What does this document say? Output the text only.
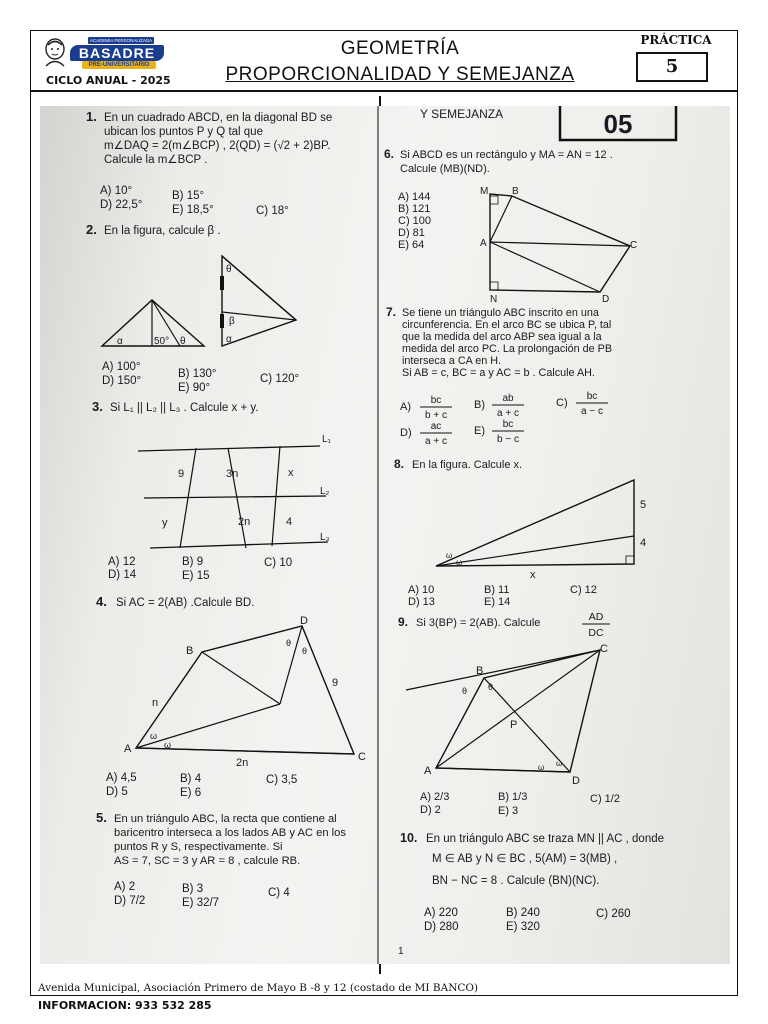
ACADEMIA PERSONALIZADA
BASADRE
PRE-UNIVERSITARIO
CICLO ANUAL - 2025
GEOMETRÍA
PROPORCIONALIDAD Y SEMEJANZA
PRÁCTICA
5
Y SEMEJANZA	05
1. En un cuadrado ABCD, en la diagonal BD se
ubican los puntos P y Q tal que
m∠DAQ = 2(m∠BCP) , 2(QD) = (√2 + 2)BP.
Calcule la m∠BCP .
A) 10°	B) 15°
C) 18°
D) 22,5°	E) 18,5°
2. En la figura, calcule β .
α	50° θ
θ
β
α
A) 100°
B) 130°	C) 120°
D) 150°
E) 90°
3. Si L₁ || L₂ || L₃ . Calcule x + y.
L₁
L₂
L₃
9	3n	x
y	2n	4
A) 12	B) 9	C) 10
D) 14	E) 15
4. Si AC = 2(AB) .Calcule BD.
A
B
C
D
n
2n
9
ω
ω
θ
θ
A) 4,5	B) 4	C) 3,5
D) 5	E) 6
5. En un triángulo ABC, la recta que contiene al
baricentro interseca a los lados AB y AC en los
puntos R y S, respectivamente. Si
AS = 7, SC = 3 y AR = 8 , calcule RB.
A) 2	B) 3	C) 4
D) 7/2	E) 32/7
6. Si ABCD es un rectángulo y MA = AN = 12 .
Calcule (MB)(ND).
M B
A	C
N	D
A) 144
B) 121
C) 100
D) 81
E) 64
7. Se tiene un triángulo ABC inscrito en una
circunferencia. En el arco BC se ubica P, tal
que la medida del arco ABP sea igual a la
medida del arco PC. La prolongación de PB
interseca a CA en H.
Si AB = c, BC = a y AC = b . Calcule AH.
A)
bc
b + c
B)
ab
a + c
C)
bc
a − c
D)
ac
a + c
E)
bc
b − c
8. En la figura. Calcule x.
5
4
x
ω
ω
A) 10	B) 11	C) 12
D) 13	E) 14
9. Si 3(BP) = 2(AB). Calcule	AD
DC
A
B
C
D
P
θ θ
ω ω
A) 2/3	B) 1/3	C) 1/2
D) 2	E) 3
10. En un triángulo ABC se traza MN || AC , donde
M ∈ AB y N ∈ BC , 5(AM) = 3(MB) ,
BN − NC = 8 . Calcule (BN)(NC).
A) 220	B) 240	C) 260
D) 280	E) 320
1
Avenida Municipal, Asociación Primero de Mayo B -8 y 12 (costado de MI BANCO)
INFORMACION: 933 532 285
